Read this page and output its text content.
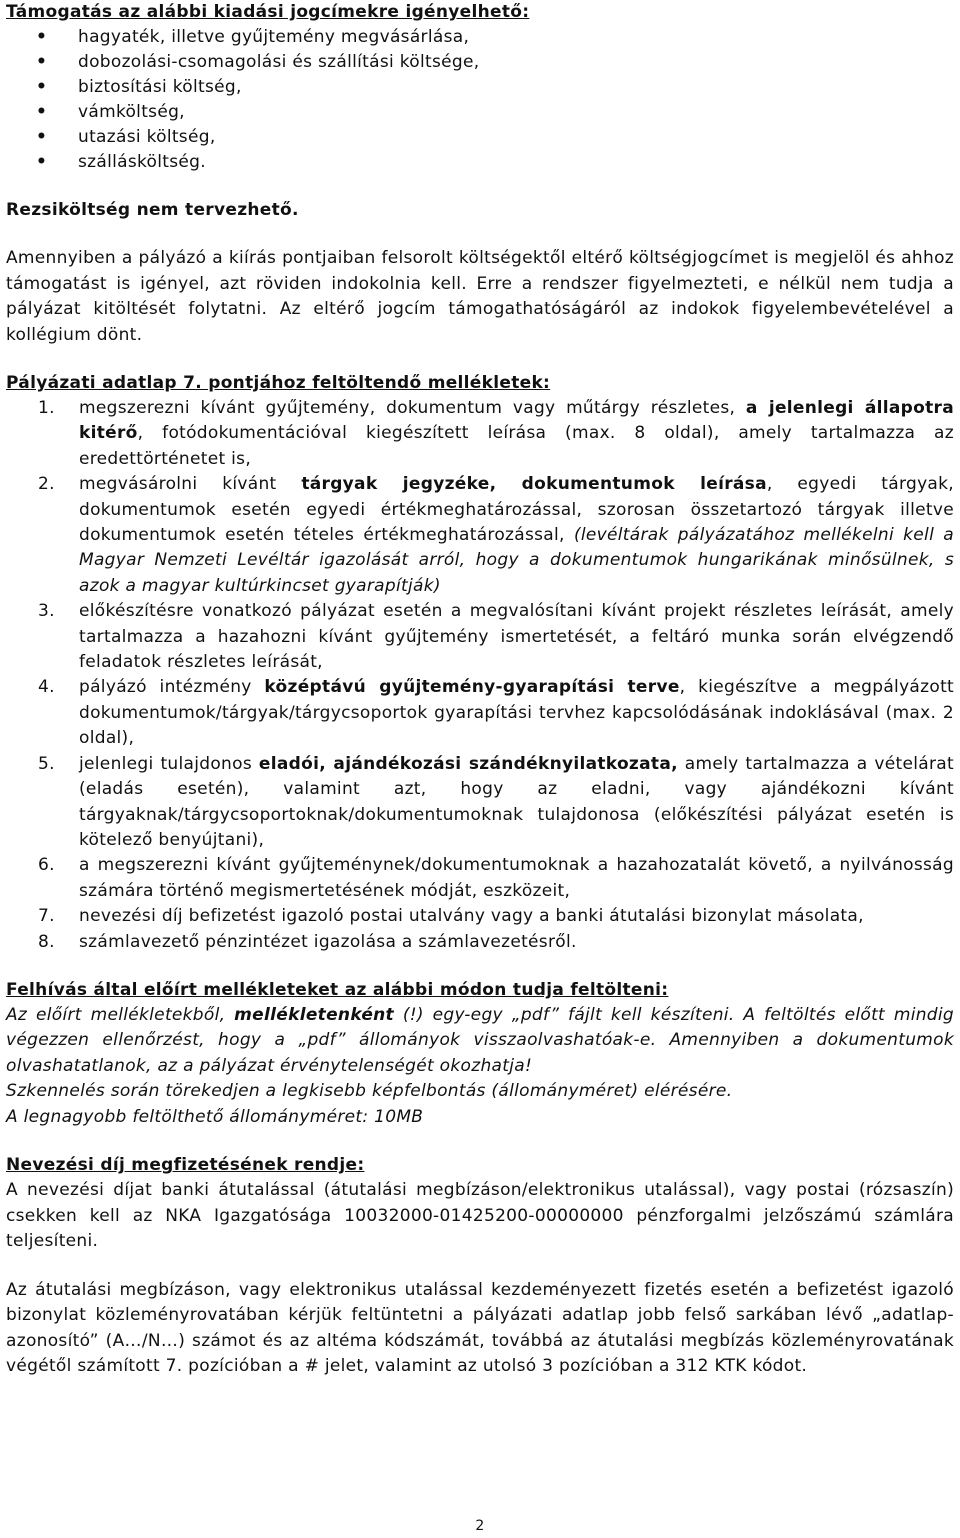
Támogatás az alábbi kiadási jogcímekre igényelhető:
• hagyaték, illetve gyűjtemény megvásárlása,
• dobozolási-csomagolási és szállítási költsége,
• biztosítási költség,
• vámköltség,
• utazási költség,
• szállásköltség.
Rezsiköltség nem tervezhető.

Amennyiben a pályázó a kiírás pontjaiban felsorolt költségektől eltérő költségjogcímet is megjelöl és ahhoz támogatást is igényel, azt röviden indokolnia kell. Erre a rendszer figyelmezteti, e nélkül nem tudja a pályázat kitöltését folytatni. Az eltérő jogcím támogathatóságáról az indokok figyelembevételével a kollégium dönt.

Pályázati adatlap 7. pontjához feltöltendő mellékletek:
1. megszerezni kívánt gyűjtemény, dokumentum vagy műtárgy részletes, a jelenlegi állapotra kitérő, fotódokumentációval kiegészített leírása (max. 8 oldal), amely tartalmazza az eredettörténetet is,
2. megvásárolni kívánt tárgyak jegyzéke, dokumentumok leírása, egyedi tárgyak, dokumentumok esetén egyedi értékmeghatározással, szorosan összetartozó tárgyak illetve dokumentumok esetén tételes értékmeghatározással, (levéltárak pályázatához mellékelni kell a Magyar Nemzeti Levéltár igazolását arról, hogy a dokumentumok hungarikának minősülnek, s azok a magyar kultúrkincset gyarapítják)
3. előkészítésre vonatkozó pályázat esetén a megvalósítani kívánt projekt részletes leírását, amely tartalmazza a hazahozni kívánt gyűjtemény ismertetését, a feltáró munka során elvégzendő feladatok részletes leírását,
4. pályázó intézmény középtávú gyűjtemény-gyarapítási terve, kiegészítve a megpályázott dokumentumok/tárgyak/tárgycsoportok gyarapítási tervhez kapcsolódásának indoklásával (max. 2 oldal),
5. jelenlegi tulajdonos eladói, ajándékozási szándéknyilatkozata, amely tartalmazza a vételárat (eladás esetén), valamint azt, hogy az eladni, vagy ajándékozni kívánt tárgyaknak/tárgycsoportoknak/dokumentumoknak tulajdonosa (előkészítési pályázat esetén is kötelező benyújtani),
6. a megszerezni kívánt gyűjteménynek/dokumentumoknak a hazahozatalát követő, a nyilvánosság számára történő megismertetésének módját, eszközeit,
7. nevezési díj befizetést igazoló postai utalvány vagy a banki átutalási bizonylat másolata,
8. számlavezető pénzintézet igazolása a számlavezetésről.
Felhívás által előírt mellékleteket az alábbi módon tudja feltölteni:

Az előírt mellékletekből, mellékletenként (!) egy-egy „pdf” fájlt kell készíteni. A feltöltés előtt mindig végezzen ellenőrzést, hogy a „pdf” állományok visszaolvashatóak-e. Amennyiben a dokumentumok olvashatatlanok, az a pályázat érvénytelenségét okozhatja!

Szkennelés során törekedjen a legkisebb képfelbontás (állományméret) elérésére.

A legnagyobb feltölthető állományméret: 10MB

Nevezési díj megfizetésének rendje:

A nevezési díjat banki átutalással (átutalási megbízáson/elektronikus utalással), vagy postai (rózsaszín) csekken kell az NKA Igazgatósága 10032000-01425200-00000000 pénzforgalmi jelzőszámú számlára teljesíteni.

Az átutalási megbízáson, vagy elektronikus utalással kezdeményezett fizetés esetén a befizetést igazoló bizonylat közleményrovatában kérjük feltüntetni a pályázati adatlap jobb felső sarkában lévő „adatlap-azonosító” (A…/N…) számot és az altéma kódszámát, továbbá az átutalási megbízás közleményrovatának végétől számított 7. pozícióban a # jelet, valamint az utolsó 3 pozícióban a 312 KTK kódot.

2
